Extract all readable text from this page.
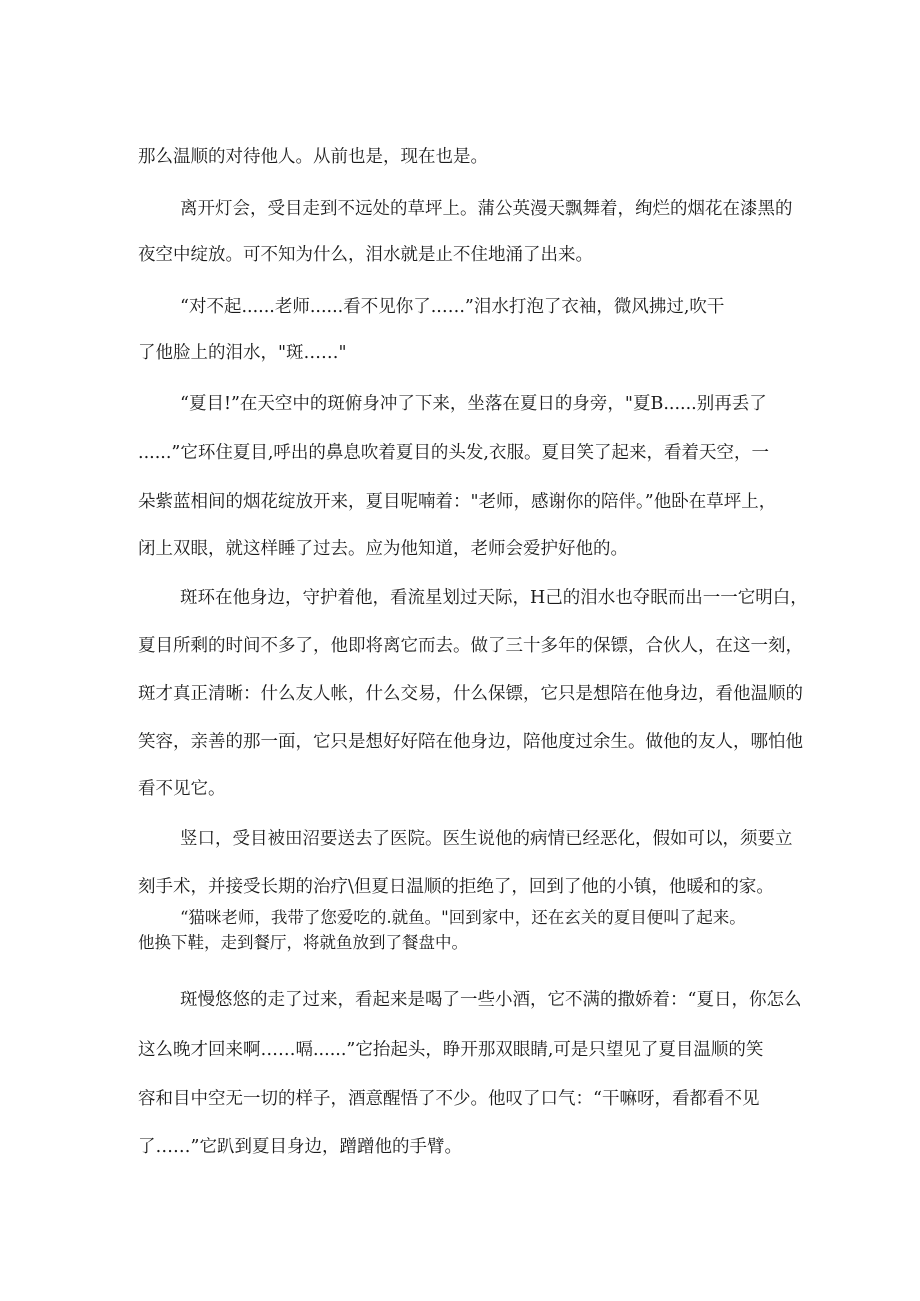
那么温顺的对待他人。从前也是，现在也是。
离开灯会，受目走到不远处的草坪上。蒲公英漫天飘舞着，绚烂的烟花在漆黑的
夜空中绽放。可不知为什么，泪水就是止不住地涌了出来。
“对不起......老师......看不见你了..….”泪水打泡了衣袖，微风拂过,吹干
了他脸上的泪水，"斑……"
“夏目!”在天空中的斑俯身冲了下来，坐落在夏日的身旁，"夏B......别再丢了
......”它环住夏目,呼出的鼻息吹着夏目的头发,衣服。夏目笑了起来，看着天空，一
朵紫蓝相间的烟花绽放开来，夏目呢喃着："老师，感谢你的陪伴。”他卧在草坪上，
闭上双眼，就这样睡了过去。应为他知道，老师会爱护好他的。
斑环在他身边，守护着他，看流星划过天际，H己的泪水也夺眠而出一一它明白，
夏目所剩的时间不多了，他即将离它而去。做了三十多年的保镖，合伙人，在这一刻，
斑才真正清晰：什么友人帐，什么交易，什么保镖，它只是想陪在他身边，看他温顺的
笑容，亲善的那一面，它只是想好好陪在他身边，陪他度过余生。做他的友人，哪怕他
看不见它。
竖口，受目被田沼要送去了医院。医生说他的病情已经恶化，假如可以，须要立
刻手术，并接受长期的治疗\但夏日温顺的拒绝了，回到了他的小镇，他暖和的家。
“猫咪老师，我带了您爱吃的.就鱼。"回到家中，还在玄关的夏目便叫了起来。
他换下鞋，走到餐厅，将就鱼放到了餐盘中。
斑慢悠悠的走了过来，看起来是喝了一些小酒，它不满的撒娇着：“夏日，你怎么
这么晚才回来啊……嗝......”它抬起头，睁开那双眼睛,可是只望见了夏目温顺的笑
容和目中空无一切的样子，酒意醒悟了不少。他叹了口气：“干嘛呀，看都看不见
了……”它趴到夏目身边，蹭蹭他的手臂。
